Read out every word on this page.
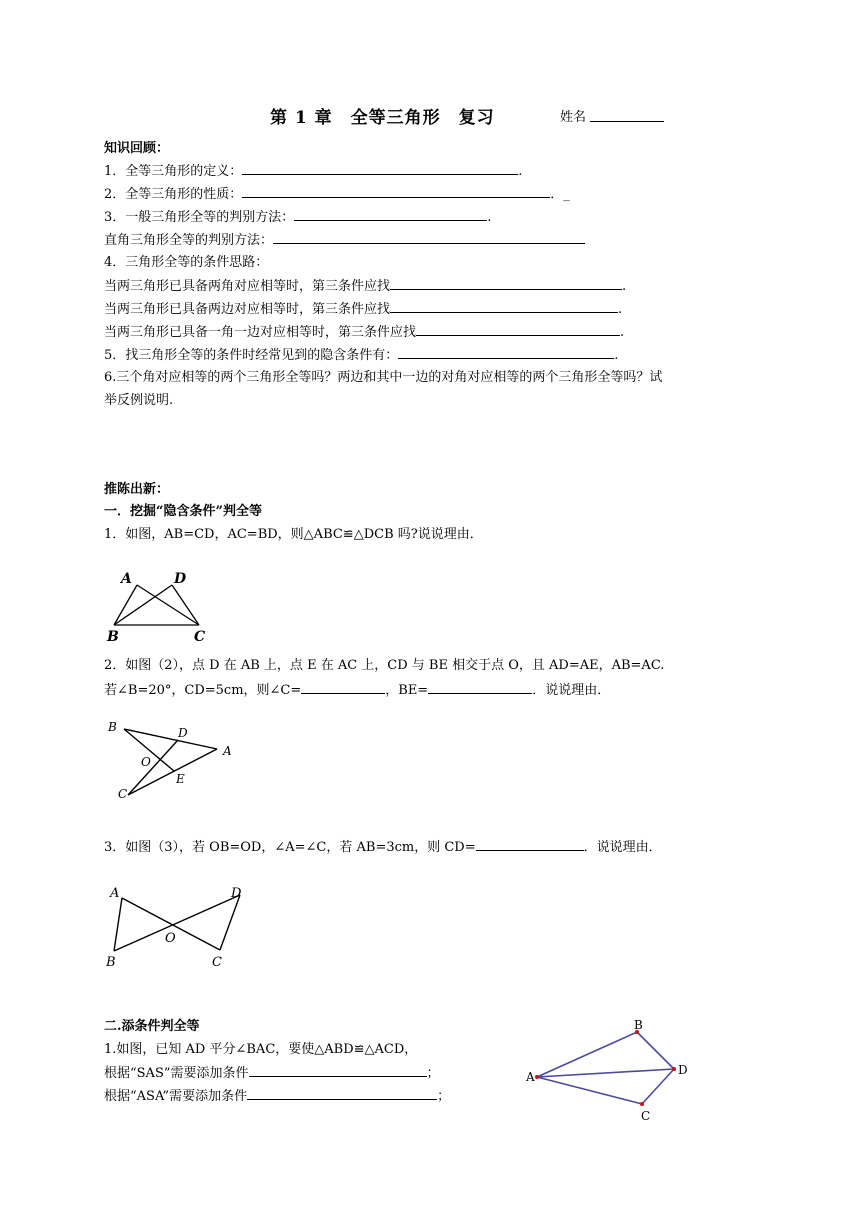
第 1 章　全等三角形　复习	姓名
知识回顾：
1．全等三角形的定义：	.
2．全等三角形的性质：	．_
3．一般三角形全等的判别方法：	.
直角三角形全等的判别方法：
4．三角形全等的条件思路：
当两三角形已具备两角对应相等时，第三条件应找	.
当两三角形已具备两边对应相等时，第三条件应找	.
当两三角形已具备一角一边对应相等时，第三条件应找	.
5．找三角形全等的条件时经常见到的隐含条件有：	.
6.三个角对应相等的两个三角形全等吗？两边和其中一边的对角对应相等的两个三角形全等吗？试
举反例说明.
推陈出新：
一．挖掘“隐含条件”判全等
1．如图，AB=CD，AC=BD，则△ABC≌△DCB 吗?说说理由．
A	D
B	C
2．如图（2），点 D 在 AB 上，点 E 在 AC 上，CD 与 BE 相交于点 O，且 AD=AE，AB=AC.
若∠B=20°，CD=5cm，则∠C=	，BE=	．说说理由．
B	D
A
O
E
C
3．如图（3），若 OB=OD，∠A=∠C，若 AB=3cm，则 CD=	．说说理由．
A	D
O
B	C
二.添条件判全等
1.如图，已知 AD 平分∠BAC，要使△ABD≌△ACD，
根据“SAS”需要添加条件	；
根据“ASA”需要添加条件	；
A
B
D
C
